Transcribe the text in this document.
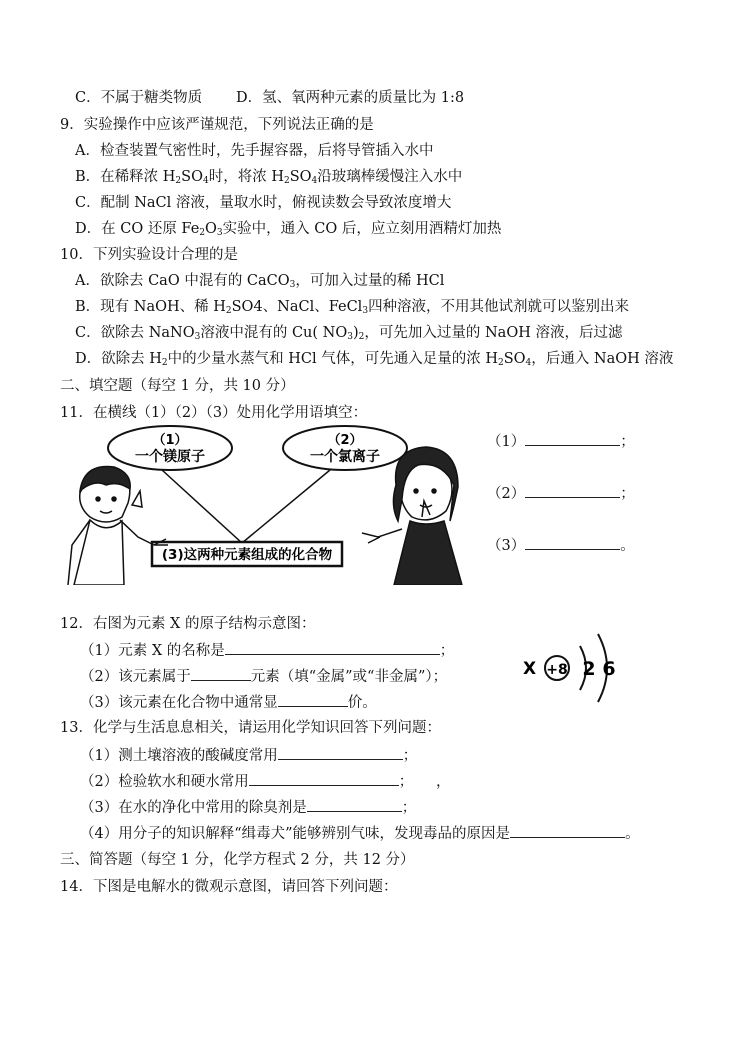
C．不属于糖类物质 D．氢、氧两种元素的质量比为 1:8
9．实验操作中应该严谨规范，下列说法正确的是
A．检查装置气密性时，先手握容器，后将导管插入水中
B．在稀释浓 $H_2SO_4$时，将浓 $H_2SO_4$沿玻璃棒缓慢注入水中
C．配制 NaCl 溶液，量取水时，俯视读数会导致浓度增大
D．在 CO 还原 $Fe_2O_3$实验中，通入 CO 后，应立刻用酒精灯加热
10．下列实验设计合理的是
A．欲除去 CaO 中混有的 CaCO$_3$，可加入过量的稀 HCl
B．现有 NaOH、稀 $H_2SO4$、NaCl、FeCl$_3$四种溶液，不用其他试剂就可以鉴别出来
C．欲除去 NaNO$_3$溶液中混有的 Cu( $NO_3)_2$，可先加入过量的 NaOH 溶液，后过滤
D．欲除去 $H_2$中的少量水蒸气和 HCl 气体，可先通入足量的浓 $H_2SO_4$，后通入 NaOH 溶液
二、填空题（每空 1 分，共 10 分）
11．在横线（1）（2）（3）处用化学用语填空：
（1）
一个镁原子
（2）
一个氯离子
(3)这两种元素组成的化合物
（1）	；
（2）	；
（3）	。
12．右图为元素 X 的原子结构示意图：
（1）元素 X 的名称是	；
（2）该元素属于	元素（填“金属”或“非金属”）；
（3）该元素在化合物中通常显	价。
X +8 2 6
13．化学与生活息息相关，请运用化学知识回答下列问题：
（1）测土壤溶液的酸碱度常用	；
（2）检验软水和硬水常用	； ，
（3）在水的净化中常用的除臭剂是	；
（4）用分子的知识解释“缉毒犬”能够辨别气味，发现毒品的原因是	。
三、简答题（每空 1 分，化学方程式 2 分，共 12 分）
14．下图是电解水的微观示意图，请回答下列问题：
